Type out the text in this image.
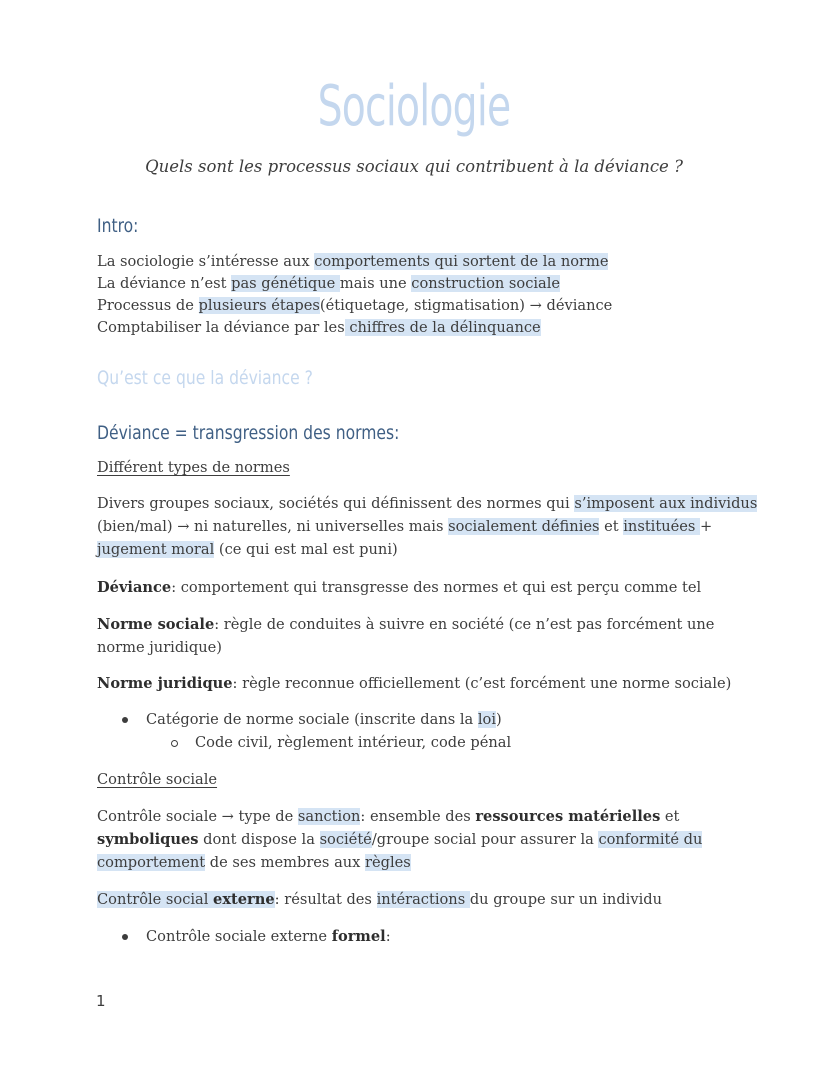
Sociologie
Quels sont les processus sociaux qui contribuent à la déviance ?
Intro:
La sociologie s’intéresse aux comportements qui sortent de la norme
La déviance n’est pas génétique mais une construction sociale
Processus de plusieurs étapes(étiquetage, stigmatisation) → déviance
Comptabiliser la déviance par les chiffres de la délinquance
Qu’est ce que la déviance ?
Déviance = transgression des normes:
Différent types de normes
Divers groupes sociaux, sociétés qui définissent des normes qui s’imposent aux individus
(bien/mal) → ni naturelles, ni universelles mais socialement définies et instituées +
jugement moral (ce qui est mal est puni)
Déviance: comportement qui transgresse des normes et qui est perçu comme tel
Norme sociale: règle de conduites à suivre en société (ce n’est pas forcément une norme juridique)
Norme juridique: règle reconnue officiellement (c’est forcément une norme sociale)
Catégorie de norme sociale (inscrite dans la loi)
Code civil, règlement intérieur, code pénal
Contrôle sociale
Contrôle sociale → type de sanction: ensemble des ressources matérielles et
symboliques dont dispose la société/groupe social pour assurer la conformité du
comportement de ses membres aux règles
Contrôle social externe: résultat des intéractions du groupe sur un individu
Contrôle sociale externe formel:
1
